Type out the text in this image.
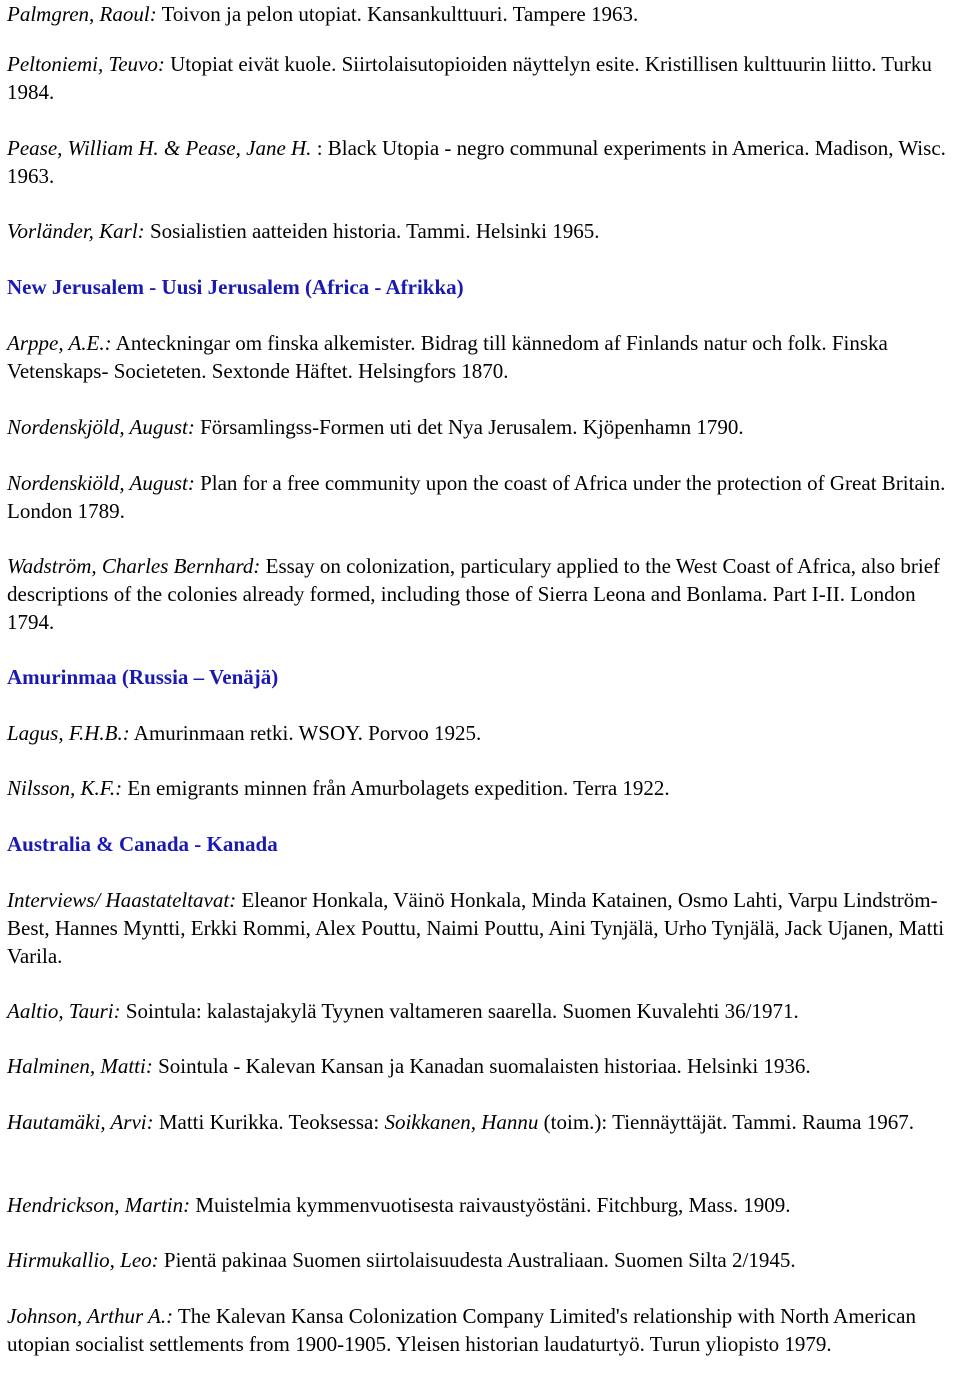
Palmgren, Raoul: Toivon ja pelon utopiat. Kansankulttuuri. Tampere 1963.

Peltoniemi, Teuvo: Utopiat eivät kuole. Siirtolaisutopioiden näyttelyn esite. Kristillisen kulttuurin liitto. Turku 1984.

Pease, William H. & Pease, Jane H. : Black Utopia - negro communal experiments in America. Madison, Wisc. 1963.

Vorländer, Karl: Sosialistien aatteiden historia. Tammi. Helsinki 1965.

New Jerusalem - Uusi Jerusalem (Africa - Afrikka)

Arppe, A.E.: Anteckningar om finska alkemister. Bidrag till kännedom af Finlands natur och folk. Finska Vetenskaps- Societeten. Sextonde Häftet. Helsingfors 1870.

Nordenskjöld, August: Församlingss-Formen uti det Nya Jerusalem. Kjöpenhamn 1790.

Nordenskiöld, August: Plan for a free community upon the coast of Africa under the protection of Great Britain. London 1789.

Wadström, Charles Bernhard: Essay on colonization, particulary applied to the West Coast of Africa, also brief descriptions of the colonies already formed, including those of Sierra Leona and Bonlama. Part I-II. London 1794.

Amurinmaa (Russia – Venäjä)

Lagus, F.H.B.: Amurinmaan retki. WSOY. Porvoo 1925.

Nilsson, K.F.: En emigrants minnen från Amurbolagets expedition. Terra 1922.

Australia & Canada - Kanada

Interviews/ Haastateltavat: Eleanor Honkala, Väinö Honkala, Minda Katainen, Osmo Lahti, Varpu Lindström-Best, Hannes Myntti, Erkki Rommi, Alex Pouttu, Naimi Pouttu, Aini Tynjälä, Urho Tynjälä, Jack Ujanen, Matti Varila.

Aaltio, Tauri: Sointula: kalastajakylä Tyynen valtameren saarella. Suomen Kuvalehti 36/1971.

Halminen, Matti: Sointula - Kalevan Kansan ja Kanadan suomalaisten historiaa. Helsinki 1936.

Hautamäki, Arvi: Matti Kurikka. Teoksessa: Soikkanen, Hannu (toim.): Tiennäyttäjät. Tammi. Rauma 1967.

Hendrickson, Martin: Muistelmia kymmenvuotisesta raivaustyöstäni. Fitchburg, Mass. 1909.

Hirmukallio, Leo: Pientä pakinaa Suomen siirtolaisuudesta Australiaan. Suomen Silta 2/1945.

Johnson, Arthur A.: The Kalevan Kansa Colonization Company Limited's relationship with North American utopian socialist settlements from 1900-1905. Yleisen historian laudaturtyö. Turun yliopisto 1979.
